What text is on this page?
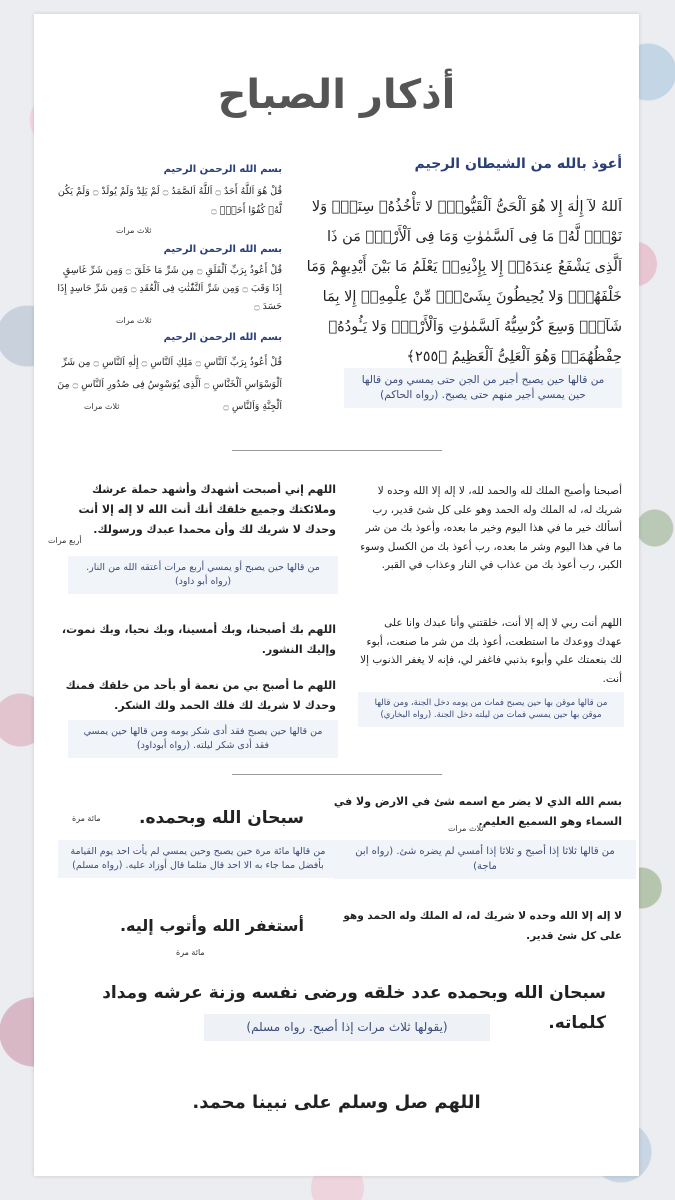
أذكار الصباح
أعوذ بالله من الشيطان الرجيم
اَللهُ لآ إِلٰهَ إِلا هُوَ اَلْحَىُّ اَلْقَيُّومُۚ لا تَأْخُذُهُۥ سِنَةٌۭ وَلا نَوْمٌۭ لَّهُۥ مَا فِى اَلسَّمٰوٰتِ وَمَا فِى اَلْأَرْضِۗ مَن ذَا اَلَّذِى يَشْفَعُ عِندَهُۥٓ إِلا بِإِذْنِهِۦۚ يَعْلَمُ مَا بَيْنَ أَيْدِيهِمْ وَمَا خَلْفَهُمْۖ وَلا يُحِيطُونَ بِشَىْءٍۢ مِّنْ عِلْمِهِۦٓ إِلا بِمَا شَآءَۚ وَسِعَ كُرْسِيُّهُ اَلسَّمٰوٰتِ وَاَلْأَرْضَۖ وَلا يَـُٔودُهُۥ حِفْظُهُمَاۚ وَهُوَ اَلْعَلِىُّ اَلْعَظِيمُ ﴿٢٥٥﴾
من قالها حين يصبح أجير من الجن حتى يمسي ومن قالها حين يمسي أجير منهم حتى يصبح. (رواه الحاكم)
بسم الله الرحمن الرحيم
قُلْ هُوَ اَللَّهُ أَحَدٌ ۝ اَللَّهُ اَلصَّمَدُ ۝ لَمْ يَلِدْ وَلَمْ يُولَدْ ۝ وَلَمْ يَكُن لَّهُۥ كُفُوًا أَحَدٌۢ ۝
ثلاث مرات
بسم الله الرحمن الرحيم
قُلْ أَعُوذُ بِرَبِّ اَلْفَلَقِ ۝ مِن شَرِّ مَا خَلَقَ ۝ وَمِن شَرِّ غَاسِقٍ إِذَا وَقَبَ ۝ وَمِن شَرِّ اَلنَّفّٰثٰتِ فِى اَلْعُقَدِ ۝ وَمِن شَرِّ حَاسِدٍ إِذَا حَسَدَ ۝
ثلاث مرات
بسم الله الرحمن الرحيم
قُلْ أَعُوذُ بِرَبِّ اَلنَّاسِ ۝ مَلِكِ اَلنَّاسِ ۝ إِلٰهِ اَلنَّاسِ ۝ مِن شَرِّ اَلْوَسْوَاسِ اَلْخَنَّاسِ ۝ اَلَّذِى يُوَسْوِسُ فِى صُدُورِ اَلنَّاسِ ۝ مِنَ اَلْجِنَّةِ وَاَلنَّاسِ ۝
ثلاث مرات
أصبحنا وأصبح الملك لله والحمد لله، لا إله إلا الله وحده لا شريك له، له الملك وله الحمد وهو على كل شئ قدير، رب أسألك خير ما في هذا اليوم وخير ما بعده، وأعوذ بك من شر ما في هذا اليوم وشر ما بعده، رب أعوذ بك من الكسل وسوء الكبر، رب أعوذ بك من عذاب في النار وعذاب في القبر.
اللهم أنت ربي لا إله إلا أنت، خلقتني وأنا عبدك وانا على عهدك ووعدك ما استطعت، أعوذ بك من شر ما صنعت، أبوء لك بنعمتك علي وأبوء بذنبي فاغفر لي، فإنه لا يغفر الذنوب إلا أنت.
من قالها موقن بها حين يصبح فمات من يومه دخل الجنة، ومن قالها موقن بها حين يمسي فمات من ليلته دخل الجنة. (رواه البخاري)
اللهم إني أصبحت أشهدك وأشهد حملة عرشك وملائكتك وجميع خلقك أنك أنت الله لا إله إلا أنت وحدك لا شريك لك وأن محمدا عبدك ورسولك.
أربع مرات
من قالها حين يصبح أو يمسي أربع مرات أعتقه الله من النار. (رواه أبو داود)
اللهم بك أصبحنا، وبك أمسينا، وبك نحيا، وبك نموت، وإليك النشور.
اللهم ما أصبح بي من نعمة أو بأحد من خلقك فمنك وحدك لا شريك لك فلك الحمد ولك الشكر.
من قالها حين يصبح فقد أدى شكر يومه ومن قالها حين يمسي فقد أدى شكر ليلته. (رواه أبوداود)
بسم الله الذي لا يضر مع اسمه شئ في الارض ولا في السماء وهو السميع العليم.
ثلاث مرات
من قالها ثلاثا إذا أصبح و ثلاثا إذا أمسي لم يضره شئ. (رواه ابن ماجة)
لا إله إلا الله وحده لا شريك له، له الملك وله الحمد وهو على كل شئ قدير.
سبحان الله وبحمده.
مائة مرة
من قالها مائة مرة حين يصبح وحين يمسي لم يأت احد يوم القيامة بأفضل مما جاء به الا احد قال مثلما قال أوزاد عليه. (رواه مسلم)
أستغفر الله وأتوب إليه.
مائة مرة
سبحان الله وبحمده عدد خلقه ورضى نفسه وزنة عرشه ومداد كلماته.
(يقولها ثلاث مرات إذا أصبح. رواه مسلم)
اللهم صل وسلم على نبينا محمد.
